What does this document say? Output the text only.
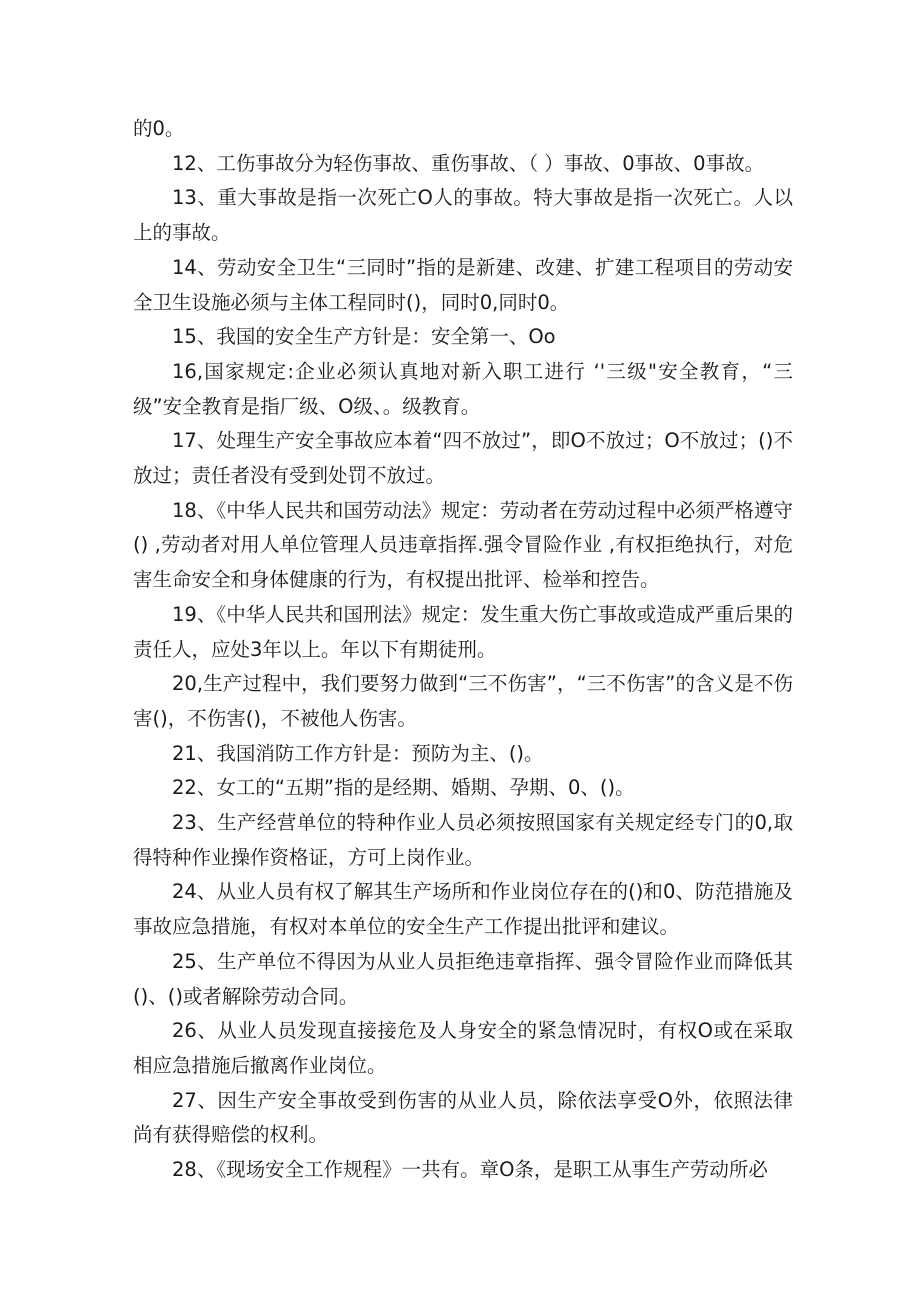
的0。

12、工伤事故分为轻伤事故、重伤事故、（ ）事故、0事故、0事故。

13、重大事故是指一次死亡O人的事故。特大事故是指一次死亡。人以上的事故。

14、劳动安全卫生“三同时”指的是新建、改建、扩建工程项目的劳动安全卫生设施必须与主体工程同时()，同时0,同时0。

15、我国的安全生产方针是：安全第一、Oo

16,国家规定:企业必须认真地对新入职工进行 ‘'三级"安全教育，“三级”安全教育是指厂级、O级、。级教育。

17、处理生产安全事故应本着“四不放过”，即O不放过；O不放过；()不放过；责任者没有受到处罚不放过。

18、《中华人民共和国劳动法》规定：劳动者在劳动过程中必须严格遵守() ,劳动者对用人单位管理人员违章指挥.强令冒险作业 ,有权拒绝执行，对危害生命安全和身体健康的行为，有权提出批评、检举和控告。

19、《中华人民共和国刑法》规定：发生重大伤亡事故或造成严重后果的责任人，应处3年以上。年以下有期徒刑。

20,生产过程中，我们要努力做到“三不伤害”，“三不伤害”的含义是不伤害()，不伤害()，不被他人伤害。

21、我国消防工作方针是：预防为主、()。

22、女工的“五期”指的是经期、婚期、孕期、0、()。

23、生产经营单位的特种作业人员必须按照国家有关规定经专门的0,取得特种作业操作资格证，方可上岗作业。

24、从业人员有权了解其生产场所和作业岗位存在的()和0、防范措施及事故应急措施，有权对本单位的安全生产工作提出批评和建议。

25、生产单位不得因为从业人员拒绝违章指挥、强令冒险作业而降低其()、()或者解除劳动合同。

26、从业人员发现直接接危及人身安全的紧急情况时，有权O或在采取相应急措施后撤离作业岗位。

27、因生产安全事故受到伤害的从业人员，除依法享受O外，依照法律尚有获得赔偿的权利。

28、《现场安全工作规程》一共有。章O条，是职工从事生产劳动所必
